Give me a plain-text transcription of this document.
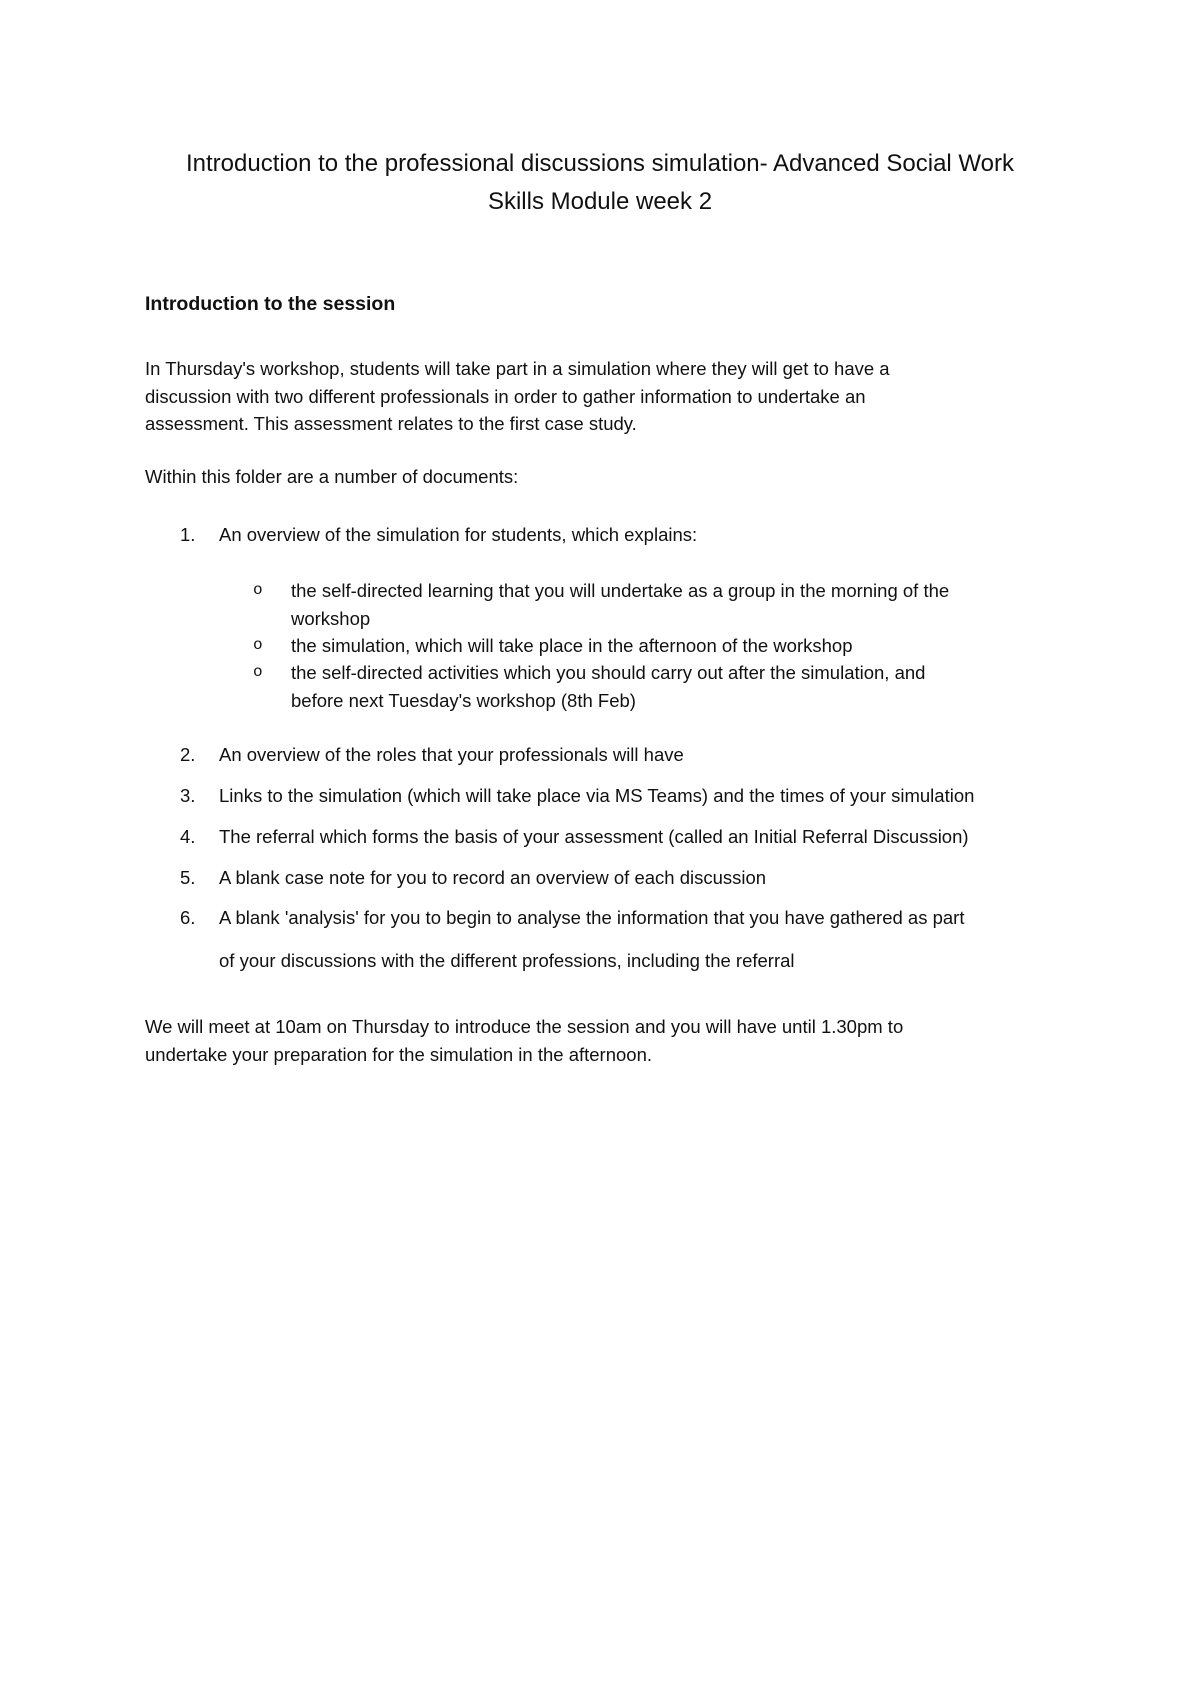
Introduction to the professional discussions simulation- Advanced Social Work
Skills Module week 2
Introduction to the session
In Thursday's workshop, students will take part in a simulation where they will get to have a
discussion with two different professionals in order to gather information to undertake an
assessment. This assessment relates to the first case study.
Within this folder are a number of documents:
1.	An overview of the simulation for students, which explains:
o the self-directed learning that you will undertake as a group in the morning of the
workshop
o the simulation, which will take place in the afternoon of the workshop
o the self-directed activities which you should carry out after the simulation, and
before next Tuesday's workshop (8th Feb)
2.	An overview of the roles that your professionals will have
3.	Links to the simulation (which will take place via MS Teams) and the times of your simulation
4.	The referral which forms the basis of your assessment (called an Initial Referral Discussion)
5.	A blank case note for you to record an overview of each discussion
6.	A blank 'analysis' for you to begin to analyse the information that you have gathered as part
of your discussions with the different professions, including the referral
We will meet at 10am on Thursday to introduce the session and you will have until 1.30pm to
undertake your preparation for the simulation in the afternoon.
